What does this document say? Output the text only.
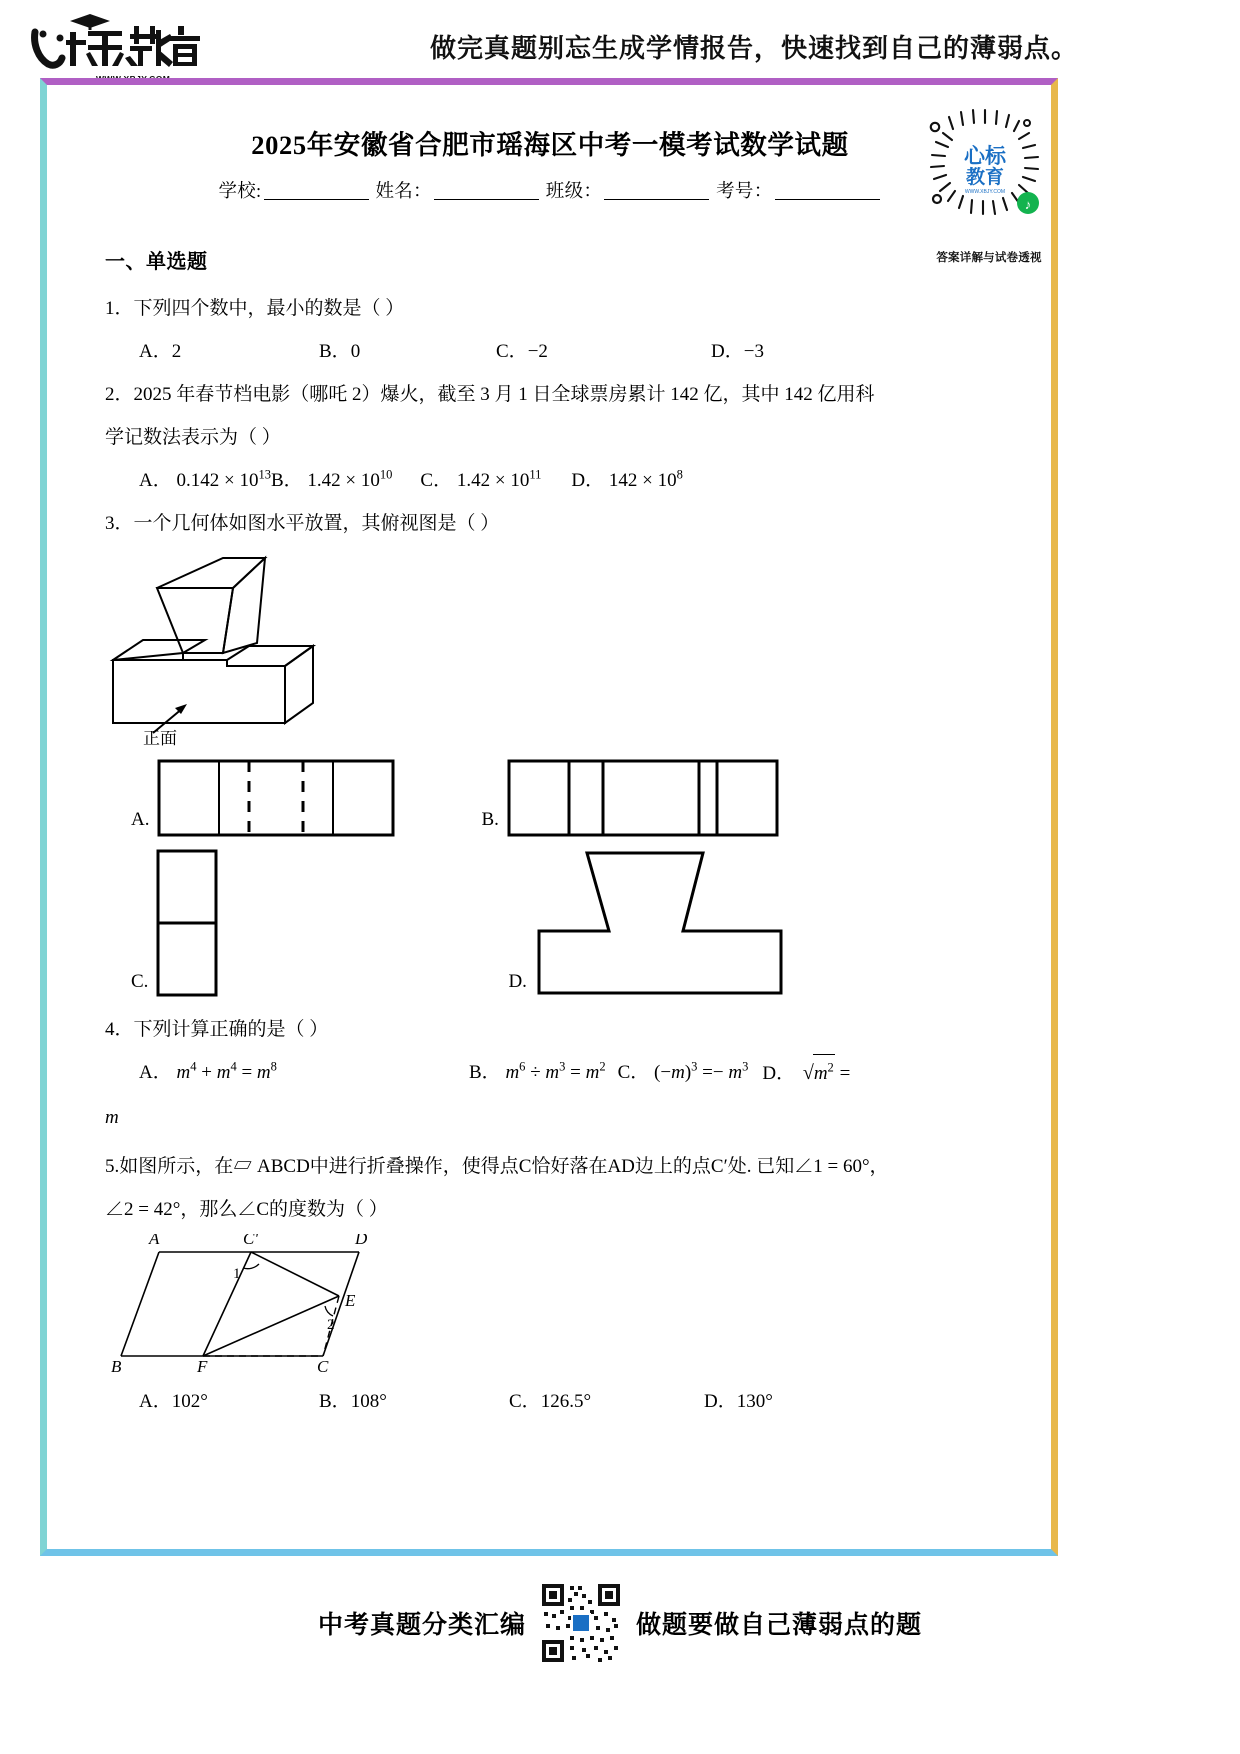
做完真题别忘生成学情报告，快速找到自己的薄弱点。
2025年安徽省合肥市瑶海区中考一模考试数学试题
学校:	姓名：	班级：	考号：
心标
教育
WWW.XBJY.COM
♪
答案详解与试卷透视
一、单选题
1．下列四个数中，最小的数是（ ）
A．2	B．0	C．−2	D．−3
2．2025 年春节档电影（哪吒 2）爆火，截至 3 月 1 日全球票房累计 142 亿，其中 142 亿用科
学记数法表示为（ ）
A． $0.142 \times 10^{13}$ B． $1.42 \times 10^{10}$ C． $1.42 \times 10^{11}$ D． $142 \times 10^8$
3．一个几何体如图水平放置，其俯视图是（ ）
正面
A.	B.
C.	D.
4．下列计算正确的是（ ）
A． $m^4 + m^4 = m^8$	B． $m^6 \div m^3 = m^2$ C． $(-m)^3 =- m^3$ D． $√m^2$ =
m
5.如图所示，在▱ ABCD中进行折叠操作，使得点C恰好落在AD边上的点C′处. 已知∠1 = 60°，
∠2 = 42°，那么∠C的度数为（ ）
A	C'	D
E
B	F	C
1
2
A．102°	B．108°	C．126.5°	D．130°
中考真题分类汇编	做题要做自己薄弱点的题
